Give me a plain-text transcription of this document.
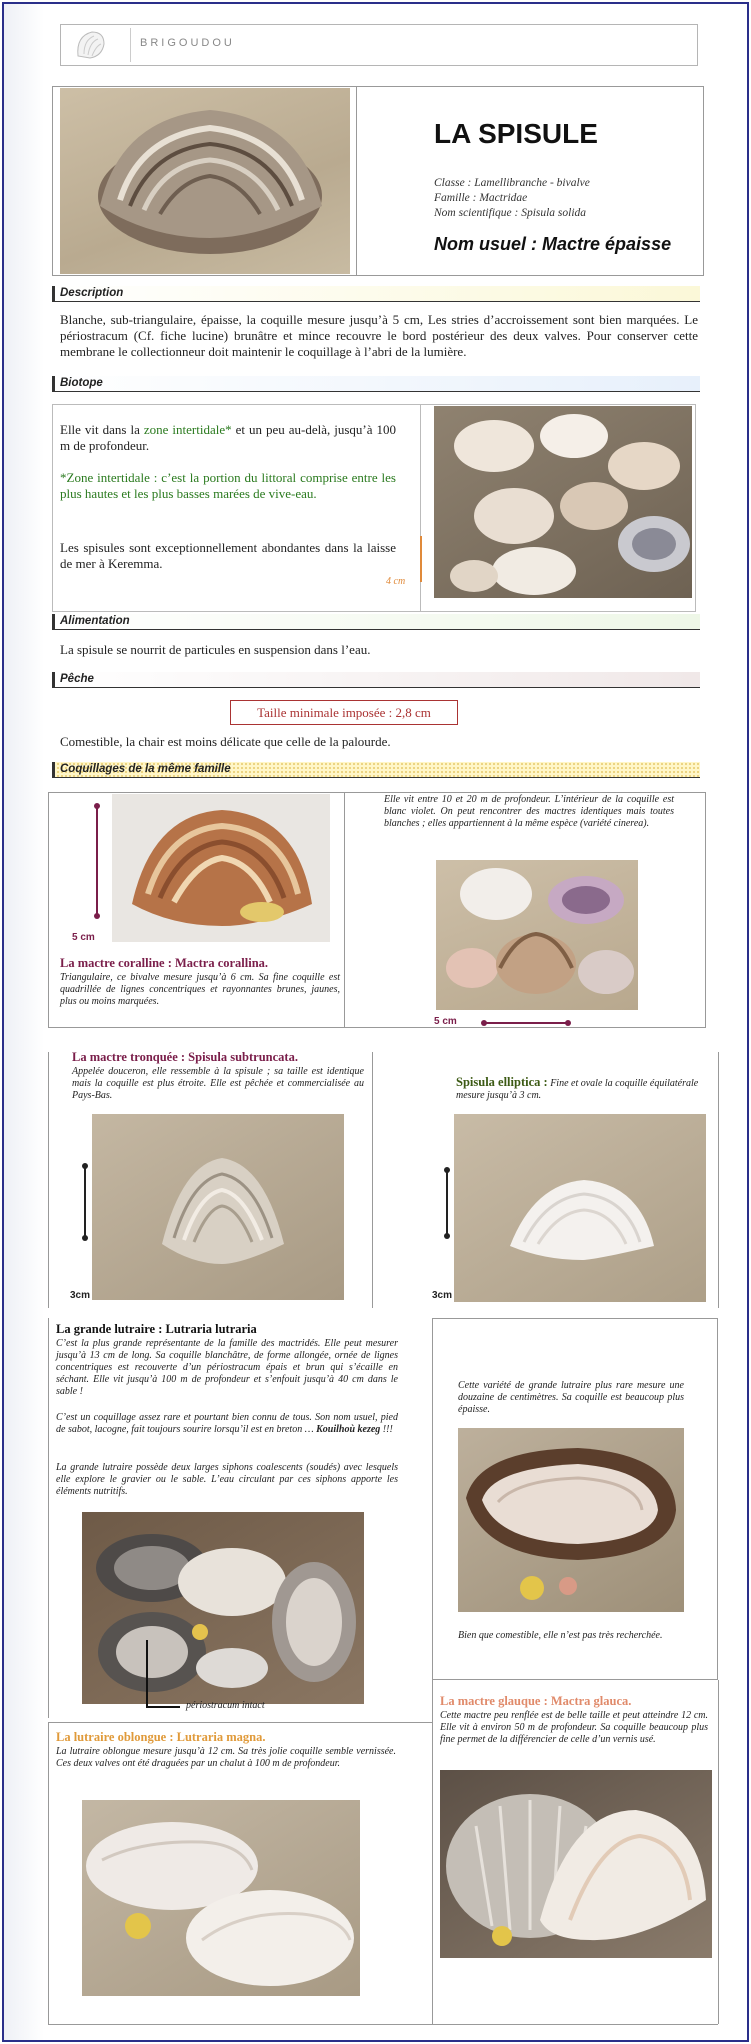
BRIGOUDOU
LA SPISULE
Classe : Lamellibranche - bivalve
Famille : Mactridae
Nom scientifique : Spisula solida
Nom usuel : Mactre épaisse
Description
Blanche, sub-triangulaire, épaisse, la coquille mesure jusqu’à 5 cm, Les stries d’accroissement sont bien marquées. Le périostracum (Cf. fiche lucine) brunâtre et mince recouvre le bord postérieur des deux valves. Pour conserver cette membrane le collectionneur doit maintenir le coquillage à l’abri de la lumière.
Biotope
Elle vit dans la zone intertidale* et un peu au-delà, jusqu’à 100 m de profondeur.
*Zone intertidale : c’est la portion du littoral comprise entre les plus hautes et les plus basses marées de vive-eau.
Les spisules sont exceptionnellement abondantes dans la laisse de mer à Keremma.
4 cm
Alimentation
La spisule se nourrit de particules en suspension dans l’eau.
Pêche
Taille minimale imposée : 2,8 cm
Comestible, la chair est moins délicate que celle de la palourde.
Coquillages de la même famille
5 cm
La mactre coralline : Mactra corallina.
Triangulaire, ce bivalve mesure jusqu’à 6 cm. Sa fine coquille est quadrillée de lignes concentriques et rayonnantes brunes, jaunes, plus ou moins marquées.
Elle vit entre 10 et 20 m de profondeur. L’intérieur de la coquille est blanc violet. On peut rencontrer des mactres identiques mais toutes blanches ; elles appartiennent à la même espèce (variété cinerea).
5 cm
La mactre tronquée : Spisula subtruncata.
Appelée douceron, elle ressemble à la spisule ; sa taille est identique mais la coquille est plus étroite. Elle est pêchée et commercialisée au Pays-Bas.
3cm
Spisula elliptica : Fine et ovale la coquille équilatérale mesure jusqu’à 3 cm.
3cm
La grande lutraire : Lutraria lutraria
C’est la plus grande représentante de la famille des mactridés. Elle peut mesurer jusqu’à 13 cm de long. Sa coquille blanchâtre, de forme allongée, ornée de lignes concentriques est recouverte d’un périostracum épais et brun qui s’écaille en séchant. Elle vit jusqu’à 100 m de profondeur et s’enfouit jusqu’à 40 cm dans le sable !
C’est un coquillage assez rare et pourtant bien connu de tous. Son nom usuel, pied de sabot, lacogne, fait toujours sourire lorsqu’il est en breton … Kouilhoù kezeg !!!
La grande lutraire possède deux larges siphons coalescents (soudés) avec lesquels elle explore le gravier ou le sable. L’eau circulant par ces siphons apporte les éléments nutritifs.
périostracum intact
Cette variété de grande lutraire plus rare mesure une douzaine de centimètres. Sa coquille est beaucoup plus épaisse.
Bien que comestible, elle n’est pas très recherchée.
La lutraire oblongue : Lutraria magna.
La lutraire oblongue mesure jusqu’à 12 cm. Sa très jolie coquille semble vernissée. Ces deux valves ont été draguées par un chalut à 100 m de profondeur.
La mactre glauque : Mactra glauca.
Cette mactre peu renflée est de belle taille et peut atteindre 12 cm. Elle vit à environ 50 m de profondeur. Sa coquille beaucoup plus fine permet de la différencier de celle d’un vernis usé.
